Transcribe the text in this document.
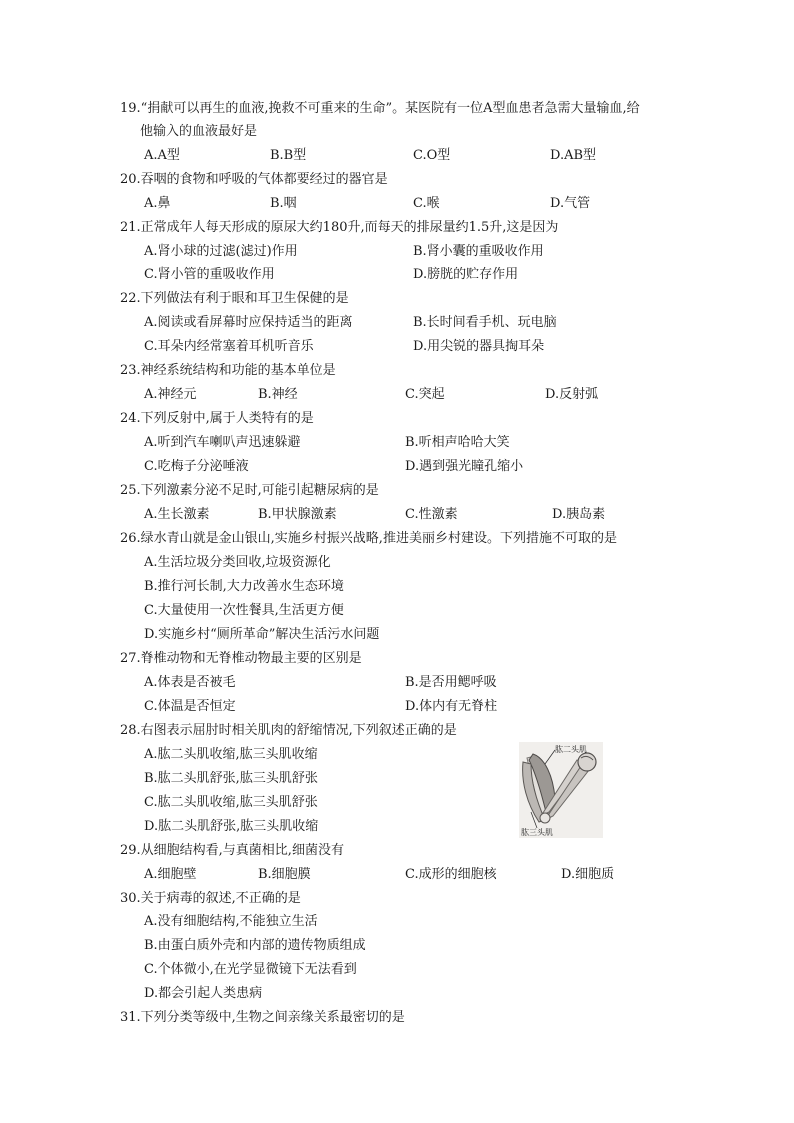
19.“捐献可以再生的血液,挽救不可重来的生命”。某医院有一位A型血患者急需大量输血,给
他输入的血液最好是
A.A型	B.B型	C.O型	D.AB型
20.吞咽的食物和呼吸的气体都要经过的器官是
A.鼻	B.咽	C.喉	D.气管
21.正常成年人每天形成的原尿大约180升,而每天的排尿量约1.5升,这是因为
A.肾小球的过滤(滤过)作用	B.肾小囊的重吸收作用
C.肾小管的重吸收作用	D.膀胱的贮存作用
22.下列做法有利于眼和耳卫生保健的是
A.阅读或看屏幕时应保持适当的距离	B.长时间看手机、玩电脑
C.耳朵内经常塞着耳机听音乐	D.用尖锐的器具掏耳朵
23.神经系统结构和功能的基本单位是
A.神经元	B.神经	C.突起	D.反射弧
24.下列反射中,属于人类特有的是
A.听到汽车喇叭声迅速躲避	B.听相声哈哈大笑
C.吃梅子分泌唾液	D.遇到强光瞳孔缩小
25.下列激素分泌不足时,可能引起糖尿病的是
A.生长激素	B.甲状腺激素	C.性激素	D.胰岛素
26.绿水青山就是金山银山,实施乡村振兴战略,推进美丽乡村建设。下列措施不可取的是
A.生活垃圾分类回收,垃圾资源化
B.推行河长制,大力改善水生态环境
C.大量使用一次性餐具,生活更方便
D.实施乡村“厕所革命”解决生活污水问题
27.脊椎动物和无脊椎动物最主要的区别是
A.体表是否被毛	B.是否用鳃呼吸
C.体温是否恒定	D.体内有无脊柱
28.右图表示屈肘时相关肌肉的舒缩情况,下列叙述正确的是
A.肱二头肌收缩,肱三头肌收缩
B.肱二头肌舒张,肱三头肌舒张
C.肱二头肌收缩,肱三头肌舒张
D.肱二头肌舒张,肱三头肌收缩
肱二头肌
肱三头肌
29.从细胞结构看,与真菌相比,细菌没有
A.细胞壁	B.细胞膜	C.成形的细胞核	D.细胞质
30.关于病毒的叙述,不正确的是
A.没有细胞结构,不能独立生活
B.由蛋白质外壳和内部的遗传物质组成
C.个体微小,在光学显微镜下无法看到
D.都会引起人类患病
31.下列分类等级中,生物之间亲缘关系最密切的是
